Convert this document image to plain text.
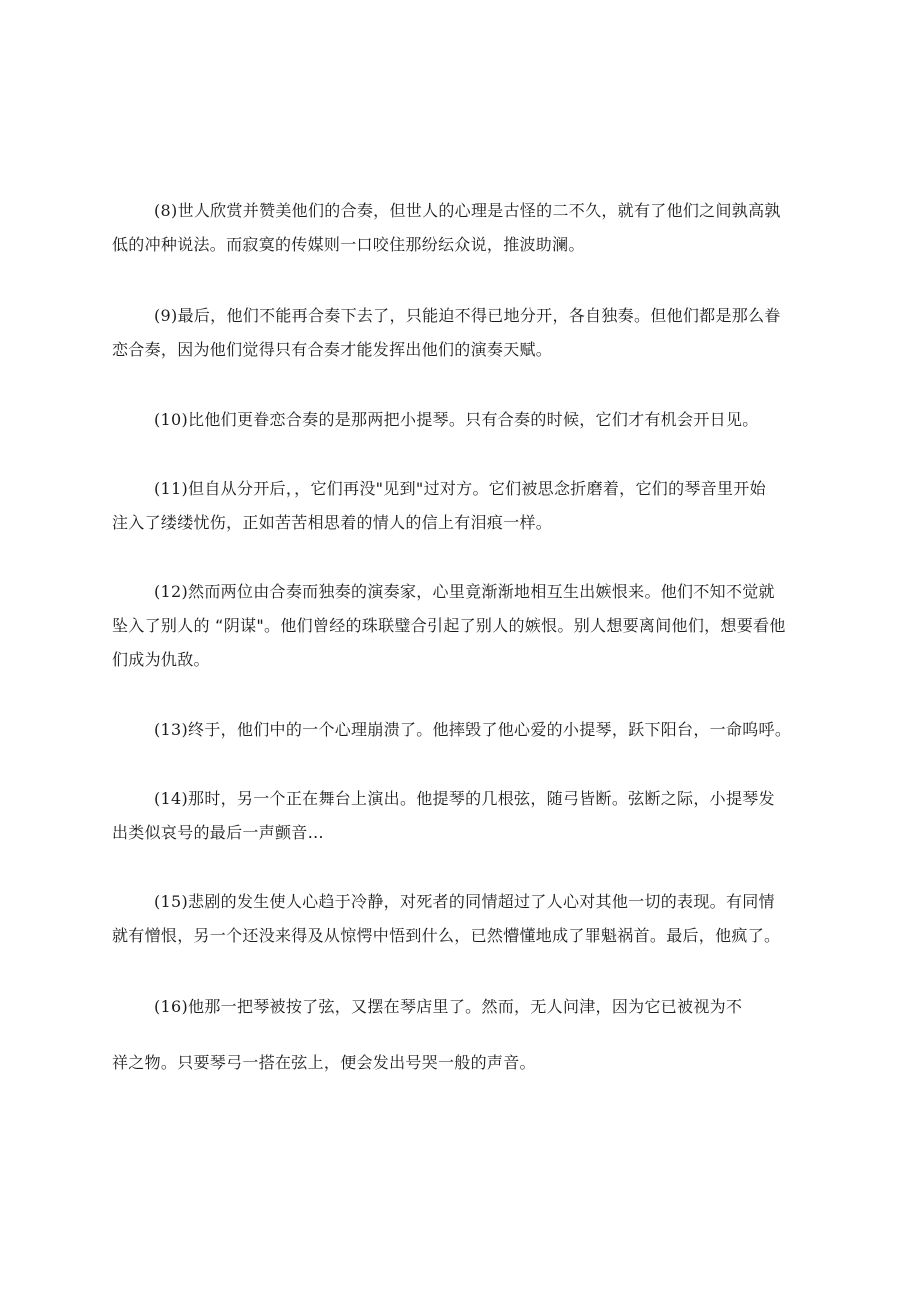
(8)世人欣赏并赞美他们的合奏，但世人的心理是古怪的二不久，就有了他们之间孰高孰
低的冲种说法。而寂寞的传媒则一口咬住那纷纭众说，推波助澜。
(9)最后，他们不能再合奏下去了，只能迫不得已地分开，各自独奏。但他们都是那么眷
恋合奏，因为他们觉得只有合奏才能发挥出他们的演奏天赋。
(10)比他们更眷恋合奏的是那两把小提琴。只有合奏的时候，它们才有机会开日见。
(11)但自从分开后，，它们再没"见到"过对方。它们被思念折磨着，它们的琴音里开始
注入了缕缕忧伤，正如苦苦相思着的情人的信上有泪痕一样。
(12)然而两位由合奏而独奏的演奏家，心里竟渐渐地相互生出嫉恨来。他们不知不觉就
坠入了别人的 “阴谋"。他们曾经的珠联璧合引起了别人的嫉恨。别人想要离间他们，想要看他
们成为仇敌。
(13)终于，他们中的一个心理崩溃了。他摔毁了他心爱的小提琴，跃下阳台，一命呜呼。
(14)那时，另一个正在舞台上演出。他提琴的几根弦，随弓皆断。弦断之际，小提琴发
出类似哀号的最后一声颤音…
(15)悲剧的发生使人心趋于冷静，对死者的同情超过了人心对其他一切的表现。有同情
就有憎恨，另一个还没来得及从惊愕中悟到什么，已然懵懂地成了罪魁祸首。最后，他疯了。
(16)他那一把琴被按了弦，又摆在琴店里了。然而，无人问津，因为它已被视为不
祥之物。只要琴弓一搭在弦上，便会发出号哭一般的声音。
